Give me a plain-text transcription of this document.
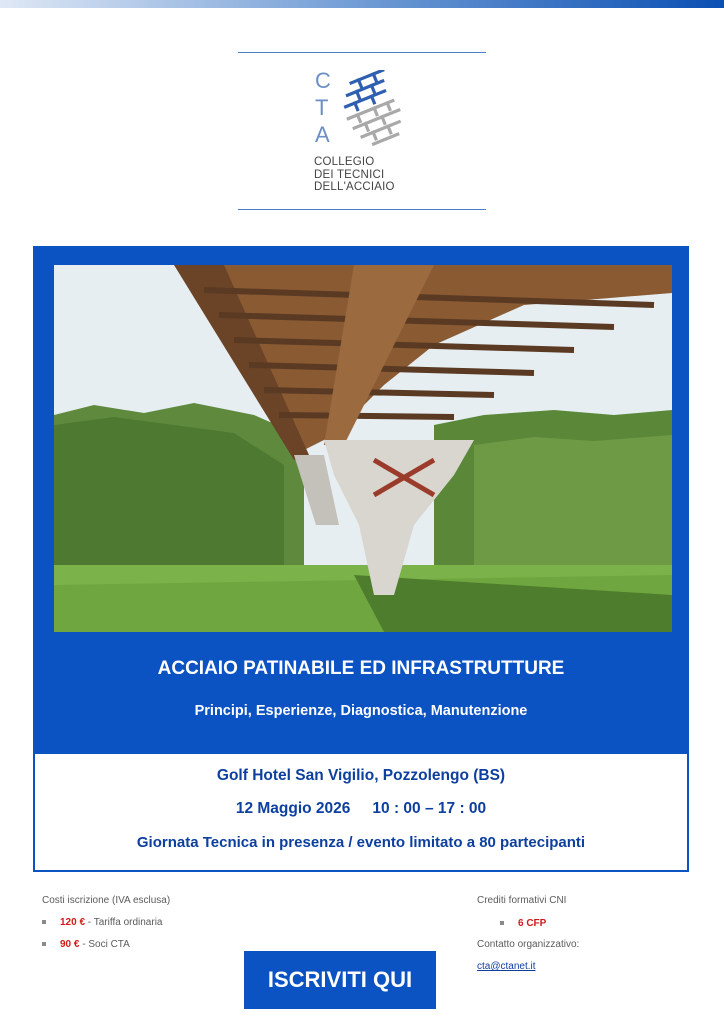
C
T
A
COLLEGIO
DEI TECNICI
DELL'ACCIAIO
ACCIAIO PATINABILE ED INFRASTRUTTURE
Principi, Esperienze, Diagnostica, Manutenzione
Golf Hotel San Vigilio, Pozzolengo (BS)
12 Maggio 2026 10 : 00 – 17 : 00
Giornata Tecnica in presenza / evento limitato a 80 partecipanti
Costi iscrizione (IVA esclusa)
120 € - Tariffa ordinaria
90 € - Soci CTA
ISCRIVITI QUI
Crediti formativi CNI
6 CFP
Contatto organizzativo:
cta@ctanet.it
